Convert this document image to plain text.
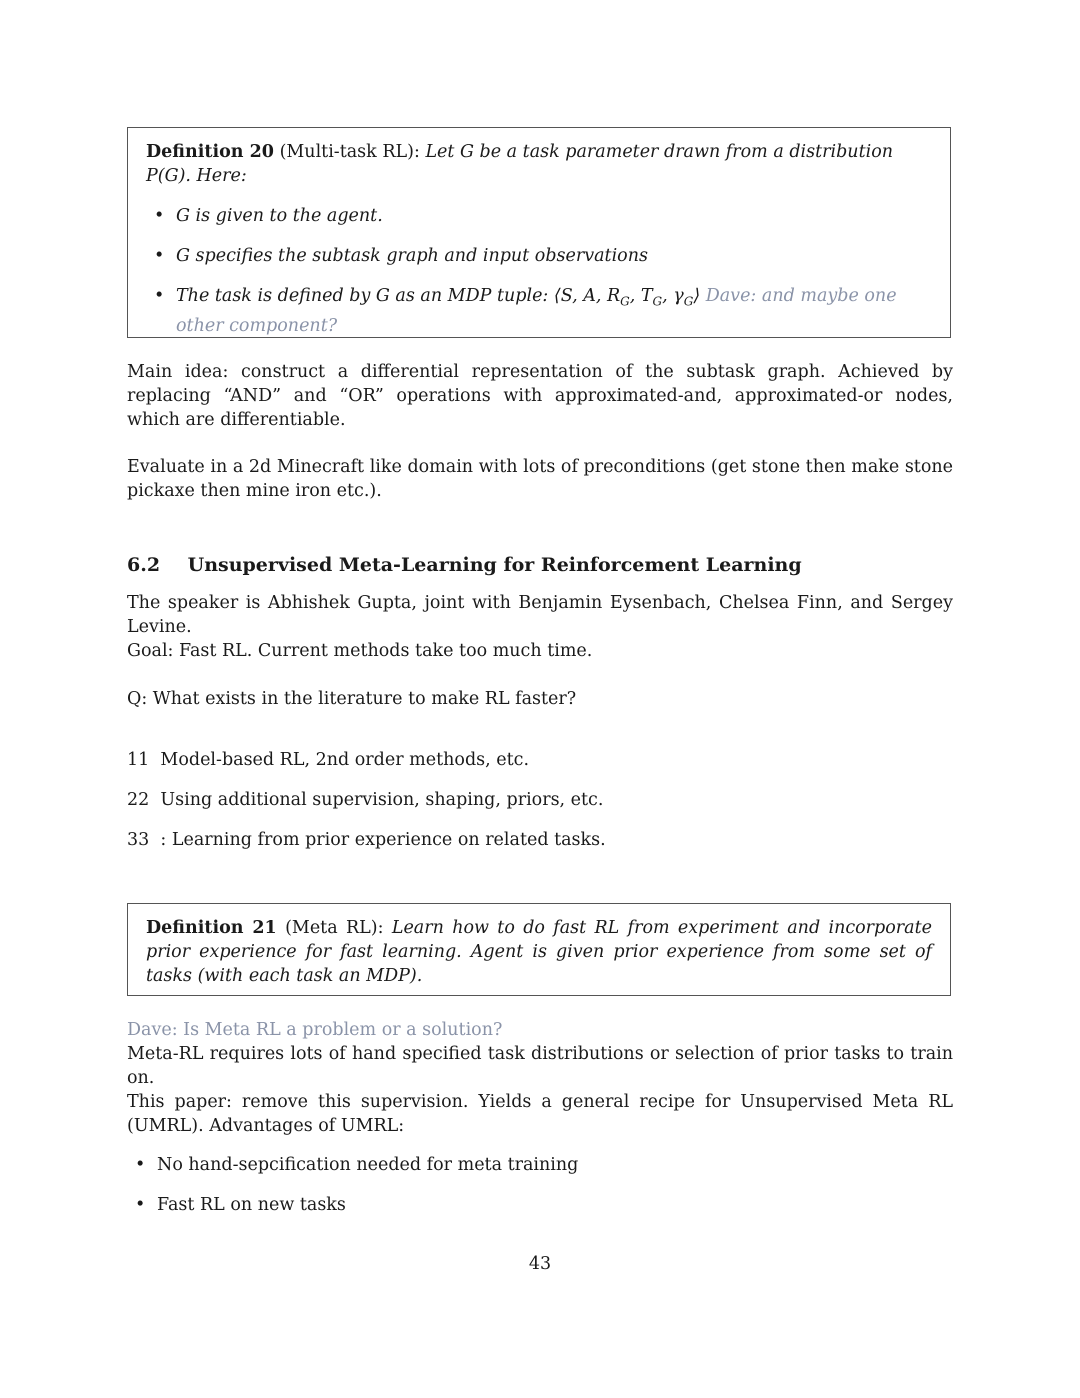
Definition 20 (Multi-task RL): Let G be a task parameter drawn from a distribution P(G). Here:
• G is given to the agent.
• G specifies the subtask graph and input observations
• The task is defined by G as an MDP tuple: ⟨S, A, $R_G$, $T_G$, $\gamma_G⟩$ Dave: and maybe one other component?
Main idea: construct a differential representation of the subtask graph. Achieved by replacing “AND” and “OR” operations with approximated-and, approximated-or nodes, which are differentiable.
Evaluate in a 2d Minecraft like domain with lots of preconditions (get stone then make stone pickaxe then mine iron etc.).
6.2 Unsupervised Meta-Learning for Reinforcement Learning
The speaker is Abhishek Gupta, joint with Benjamin Eysenbach, Chelsea Finn, and Sergey Levine.
Goal: Fast RL. Current methods take too much time.
Q: What exists in the literature to make RL faster?
11 Model-based RL, 2nd order methods, etc.
22 Using additional supervision, shaping, priors, etc.
33 : Learning from prior experience on related tasks.
Definition 21 (Meta RL): Learn how to do fast RL from experiment and incorporate prior experience for fast learning. Agent is given prior experience from some set of tasks (with each task an MDP).
Dave: Is Meta RL a problem or a solution?
Meta-RL requires lots of hand specified task distributions or selection of prior tasks to train on.
This paper: remove this supervision. Yields a general recipe for Unsupervised Meta RL (UMRL). Advantages of UMRL:
• No hand-sepcification needed for meta training
• Fast RL on new tasks
43
